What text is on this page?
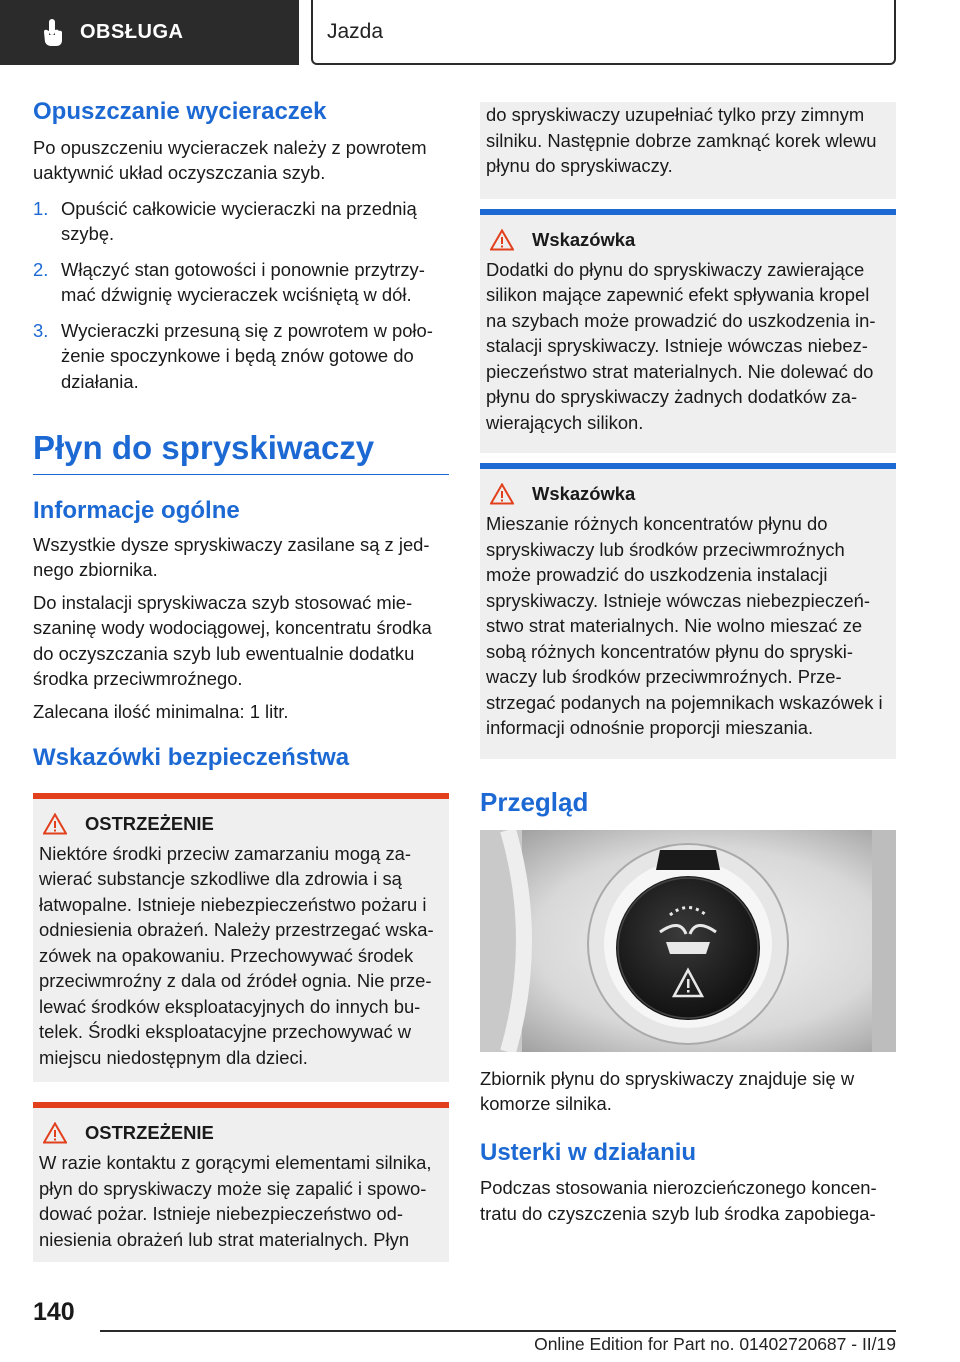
OBSŁUGA	Jazda
Opuszczanie wycieraczek
Po opuszczeniu wycieraczek należy z powrotem uaktywnić układ oczyszczania szyb.
1. Opuścić całkowicie wycieraczki na przednią szybę.
2. Włączyć stan gotowości i ponownie przytrzymać dźwignię wycieraczek wciśniętą w dół.
3. Wycieraczki przesuną się z powrotem w położenie spoczynkowe i będą znów gotowe do działania.
Płyn do spryskiwaczy
Informacje ogólne
Wszystkie dysze spryskiwaczy zasilane są z jednego zbiornika.
Do instalacji spryskiwacza szyb stosować mieszaninę wody wodociągowej, koncentratu środka do oczyszczania szyb lub ewentualnie dodatku środka przeciwmroźnego.
Zalecana ilość minimalna: 1 litr.
Wskazówki bezpieczeństwa
OSTRZEŻENIE
Niektóre środki przeciw zamarzaniu mogą zawierać substancje szkodliwe dla zdrowia i są łatwopalne. Istnieje niebezpieczeństwo pożaru i odniesienia obrażeń. Należy przestrzegać wskazówek na opakowaniu. Przechowywać środek przeciwmroźny z dala od źródeł ognia. Nie przelewać środków eksploatacyjnych do innych butelek. Środki eksploatacyjne przechowywać w miejscu niedostępnym dla dzieci.
OSTRZEŻENIE
W razie kontaktu z gorącymi elementami silnika, płyn do spryskiwaczy może się zapalić i spowodować pożar. Istnieje niebezpieczeństwo odniesienia obrażeń lub strat materialnych. Płyn
do spryskiwaczy uzupełniać tylko przy zimnym silniku. Następnie dobrze zamknąć korek wlewu płynu do spryskiwaczy.
Wskazówka
Dodatki do płynu do spryskiwaczy zawierające silikon mające zapewnić efekt spływania kropel na szybach może prowadzić do uszkodzenia instalacji spryskiwaczy. Istnieje wówczas niebezpieczeństwo strat materialnych. Nie dolewać do płynu do spryskiwaczy żadnych dodatków zawierających silikon.
Wskazówka
Mieszanie różnych koncentratów płynu do spryskiwaczy lub środków przeciwmroźnych może prowadzić do uszkodzenia instalacji spryskiwaczy. Istnieje wówczas niebezpieczeństwo strat materialnych. Nie wolno mieszać ze sobą różnych koncentratów płynu do spryskiwaczy lub środków przeciwmroźnych. Przestrzegać podanych na pojemnikach wskazówek i informacji odnośnie proporcji mieszania.
Przegląd
Zbiornik płynu do spryskiwaczy znajduje się w komorze silnika.
Usterki w działaniu
Podczas stosowania nierozcieńczonego koncentratu do czyszczenia szyb lub środka zapobiega-
140
Online Edition for Part no. 01402720687 - II/19
